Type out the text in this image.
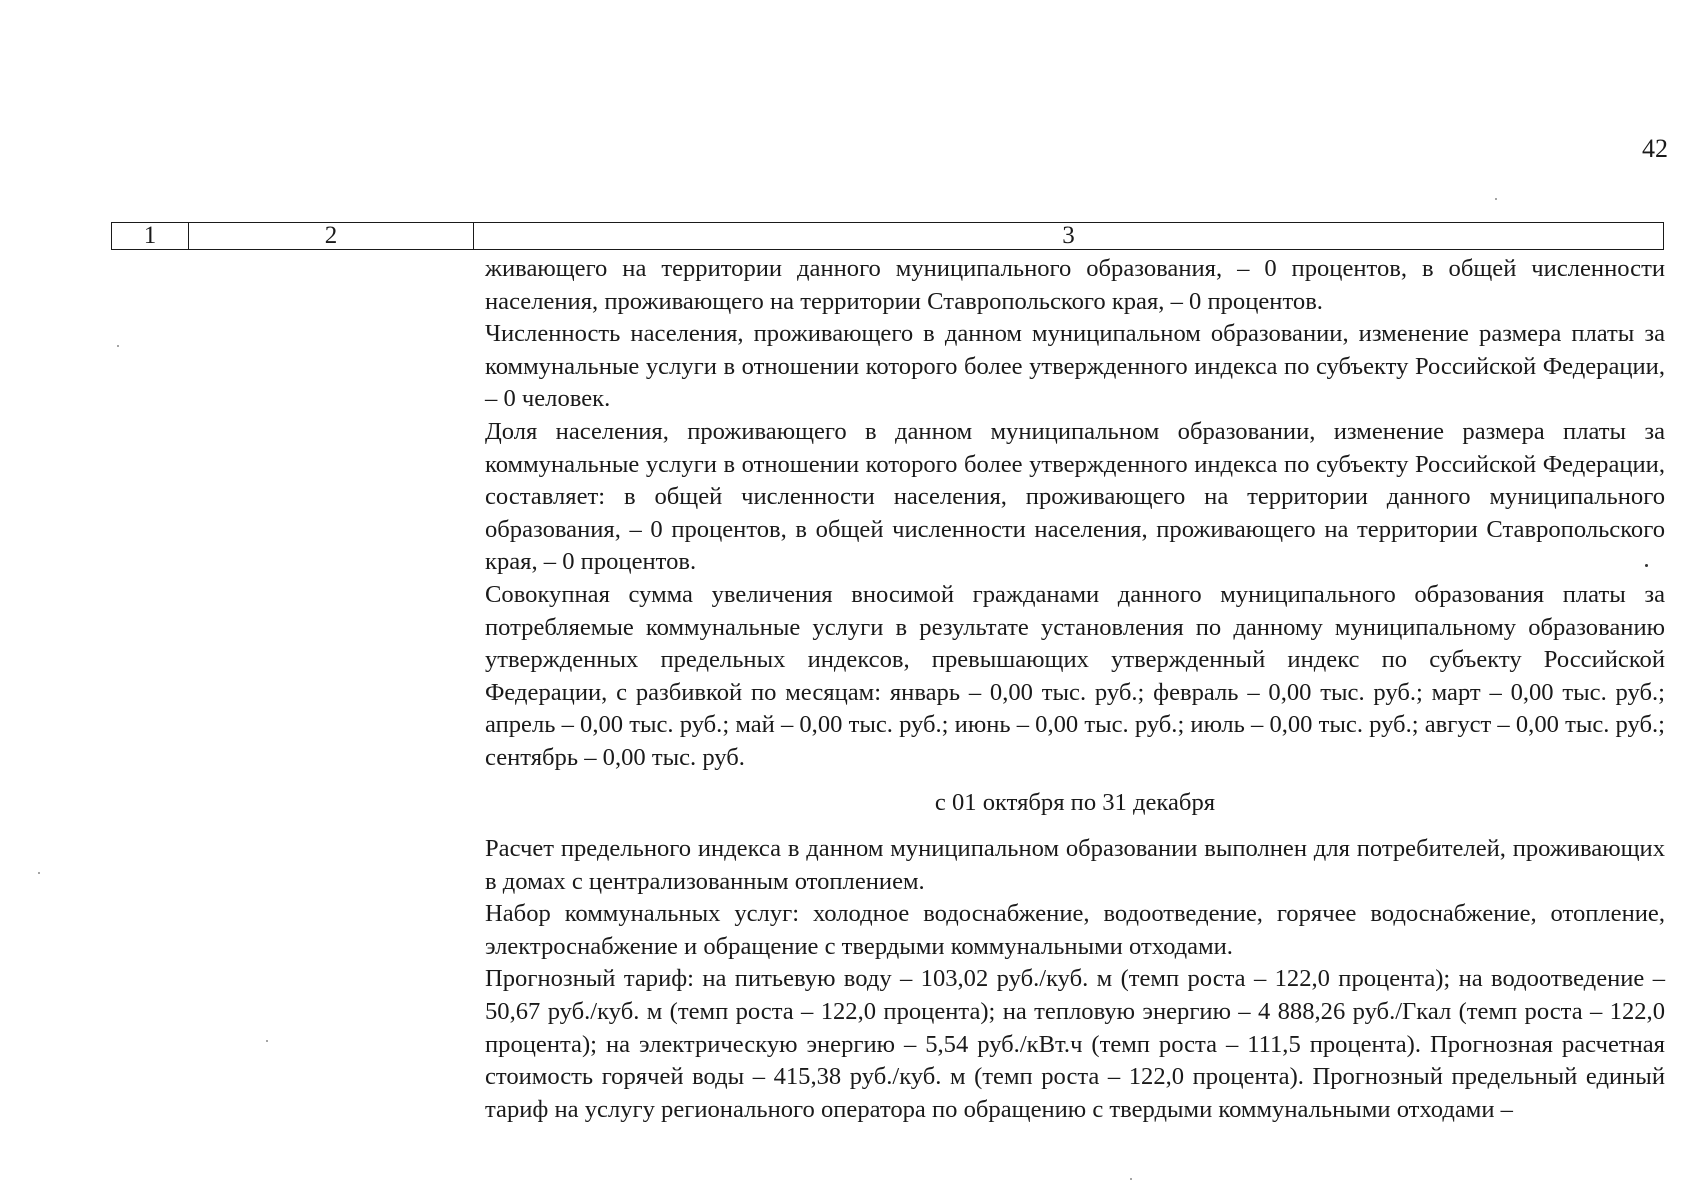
42
1	2	3

живающего на территории данного муниципального образования, – 0 процентов, в общей численности населения, проживающего на территории Ставропольского края, – 0 процентов.

Численность населения, проживающего в данном муниципальном образовании, изменение размера платы за коммунальные услуги в отношении которого более утвержденного индекса по субъекту Российской Федерации, – 0 человек.

Доля населения, проживающего в данном муниципальном образовании, изменение размера платы за коммунальные услуги в отношении которого более утвержденного индекса по субъекту Российской Федерации, составляет: в общей численности населения, проживающего на территории данного муниципального образования, – 0 процентов, в общей численности населения, проживающего на территории Ставропольского края, – 0 процентов.

Совокупная сумма увеличения вносимой гражданами данного муниципального образования платы за потребляемые коммунальные услуги в результате установления по данному муниципальному образованию утвержденных предельных индексов, превышающих утвержденный индекс по субъекту Российской Федерации, с разбивкой по месяцам: январь – 0,00 тыс. руб.; февраль – 0,00 тыс. руб.; март – 0,00 тыс. руб.; апрель – 0,00 тыс. руб.; май – 0,00 тыс. руб.; июнь – 0,00 тыс. руб.; июль – 0,00 тыс. руб.; август – 0,00 тыс. руб.; сентябрь – 0,00 тыс. руб.

с 01 октября по 31 декабря

Расчет предельного индекса в данном муниципальном образовании выполнен для потребителей, проживающих в домах с централизованным отоплением.

Набор коммунальных услуг: холодное водоснабжение, водоотведение, горячее водоснабжение, отопление, электроснабжение и обращение с твердыми коммунальными отходами.

Прогнозный тариф: на питьевую воду – 103,02 руб./куб. м (темп роста – 122,0 процента); на водоотведение – 50,67 руб./куб. м (темп роста – 122,0 процента); на тепловую энергию – 4 888,26 руб./Гкал (темп роста – 122,0 процента); на электрическую энергию – 5,54 руб./кВт.ч (темп роста – 111,5 процента). Прогнозная расчетная стоимость горячей воды – 415,38 руб./куб. м (темп роста – 122,0 процента). Прогнозный предельный единый тариф на услугу регионального оператора по обращению с твердыми коммунальными отходами –
